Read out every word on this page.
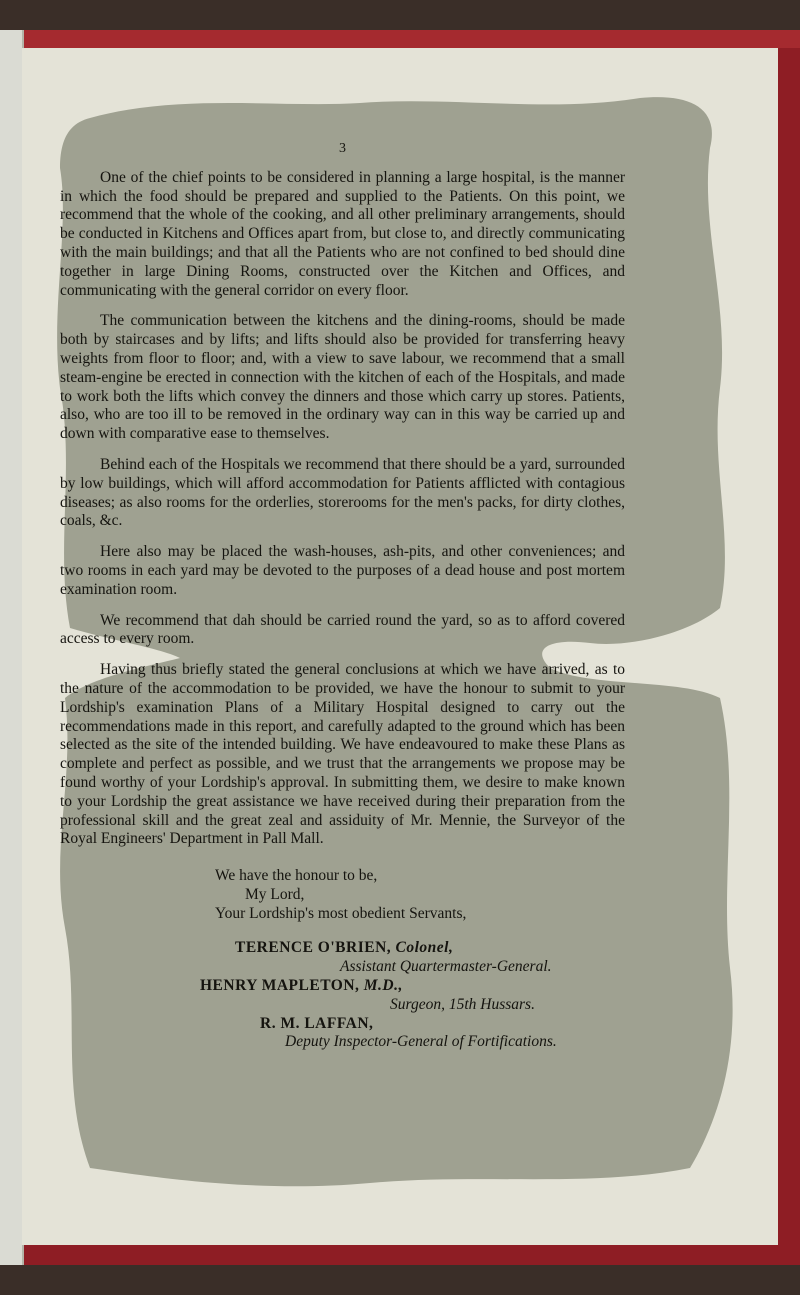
3

One of the chief points to be considered in planning a large hospital, is the manner in which the food should be prepared and supplied to the Patients. On this point, we recommend that the whole of the cooking, and all other preliminary arrangements, should be conducted in Kitchens and Offices apart from, but close to, and directly communicating with the main buildings; and that all the Patients who are not confined to bed should dine together in large Dining Rooms, constructed over the Kitchen and Offices, and communicating with the general corridor on every floor.

The communication between the kitchens and the dining-rooms, should be made both by staircases and by lifts; and lifts should also be provided for transferring heavy weights from floor to floor; and, with a view to save labour, we recommend that a small steam-engine be erected in connection with the kitchen of each of the Hospitals, and made to work both the lifts which convey the dinners and those which carry up stores. Patients, also, who are too ill to be removed in the ordinary way can in this way be carried up and down with comparative ease to themselves.

Behind each of the Hospitals we recommend that there should be a yard, surrounded by low buildings, which will afford accommodation for Patients afflicted with contagious diseases; as also rooms for the orderlies, storerooms for the men's packs, for dirty clothes, coals, &c.

Here also may be placed the wash-houses, ash-pits, and other conveniences; and two rooms in each yard may be devoted to the purposes of a dead house and post mortem examination room.

We recommend that dah should be carried round the yard, so as to afford covered access to every room.

Having thus briefly stated the general conclusions at which we have arrived, as to the nature of the accommodation to be provided, we have the honour to submit to your Lordship's examination Plans of a Military Hospital designed to carry out the recommendations made in this report, and carefully adapted to the ground which has been selected as the site of the intended building. We have endeavoured to make these Plans as complete and perfect as possible, and we trust that the arrangements we propose may be found worthy of your Lordship's approval. In submitting them, we desire to make known to your Lordship the great assistance we have received during their preparation from the professional skill and the great zeal and assiduity of Mr. Mennie, the Surveyor of the Royal Engineers' Department in Pall Mall.

We have the honour to be,
My Lord,
Your Lordship's most obedient Servants,
TERENCE O'BRIEN, Colonel,
Assistant Quartermaster-General.
HENRY MAPLETON, M.D.,
Surgeon, 15th Hussars.
R. M. LAFFAN,
Deputy Inspector-General of Fortifications.
